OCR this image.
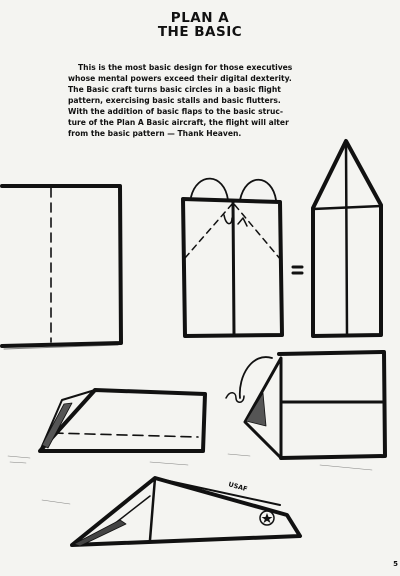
PLAN A
THE BASIC
This is the most basic design for those executives
whose mental powers exceed their digital dexterity.
The Basic craft turns basic circles in a basic flight
pattern, exercising basic stalls and basic flutters.
With the addition of basic flaps to the basic struc-
ture of the Plan A Basic aircraft, the flight will alter
from the basic pattern — Thank Heaven.
USAF
5
